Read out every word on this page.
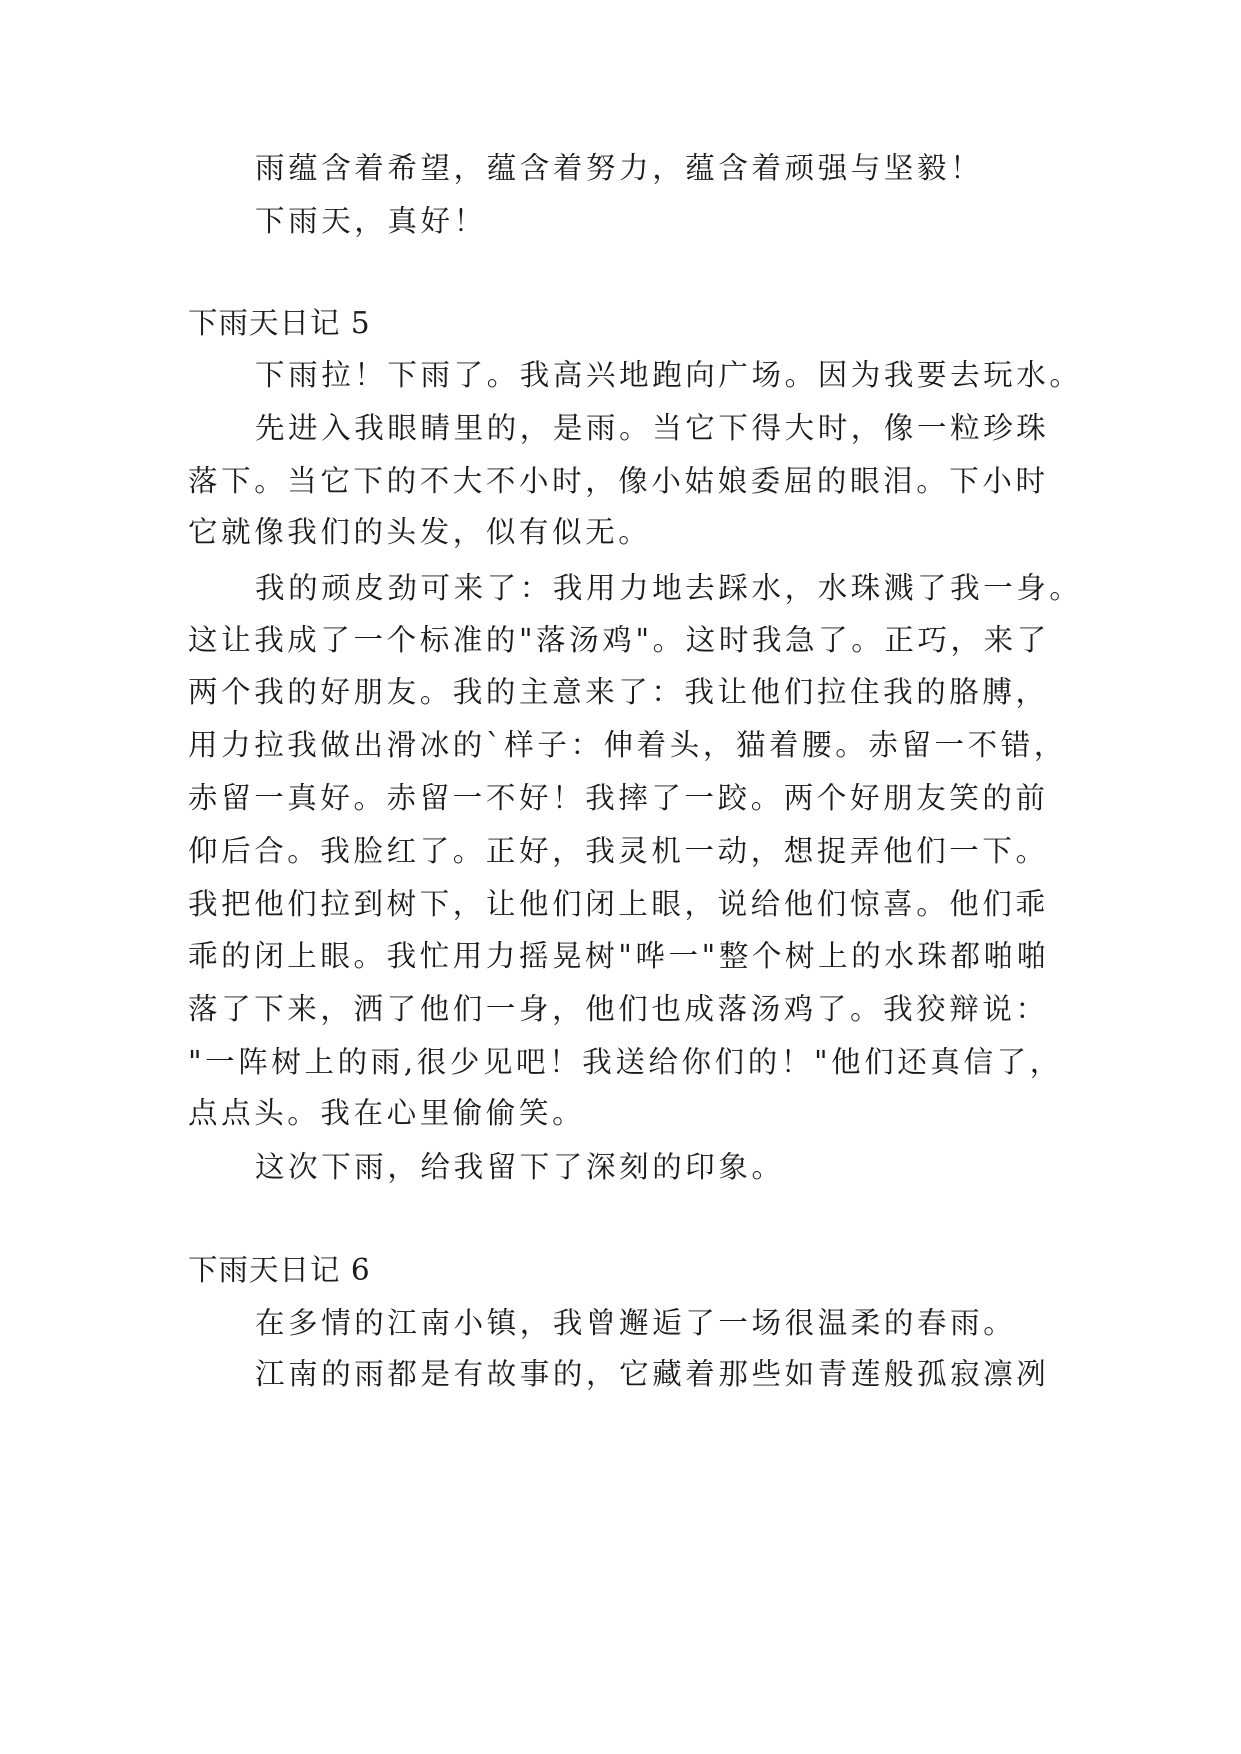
雨蕴含着希望，蕴含着努力，蕴含着顽强与坚毅！

下雨天，真好！

下雨天日记 5

下雨拉！下雨了。我高兴地跑向广场。因为我要去玩水。

先进入我眼睛里的，是雨。当它下得大时，像一粒珍珠

落下。当它下的不大不小时，像小姑娘委屈的眼泪。下小时

它就像我们的头发，似有似无。

我的顽皮劲可来了：我用力地去踩水，水珠溅了我一身。

这让我成了一个标准的"落汤鸡"。这时我急了。正巧，来了

两个我的好朋友。我的主意来了：我让他们拉住我的胳膊，

用力拉我做出滑冰的`样子：伸着头，猫着腰。赤留一不错，

赤留一真好。赤留一不好！我摔了一跤。两个好朋友笑的前

仰后合。我脸红了。正好，我灵机一动，想捉弄他们一下。

我把他们拉到树下，让他们闭上眼，说给他们惊喜。他们乖

乖的闭上眼。我忙用力摇晃树"哗一"整个树上的水珠都啪啪

落了下来，洒了他们一身，他们也成落汤鸡了。我狡辩说：

"一阵树上的雨,很少见吧！我送给你们的！"他们还真信了，

点点头。我在心里偷偷笑。

这次下雨，给我留下了深刻的印象。

下雨天日记 6

在多情的江南小镇，我曾邂逅了一场很温柔的春雨。

江南的雨都是有故事的，它藏着那些如青莲般孤寂凛冽
